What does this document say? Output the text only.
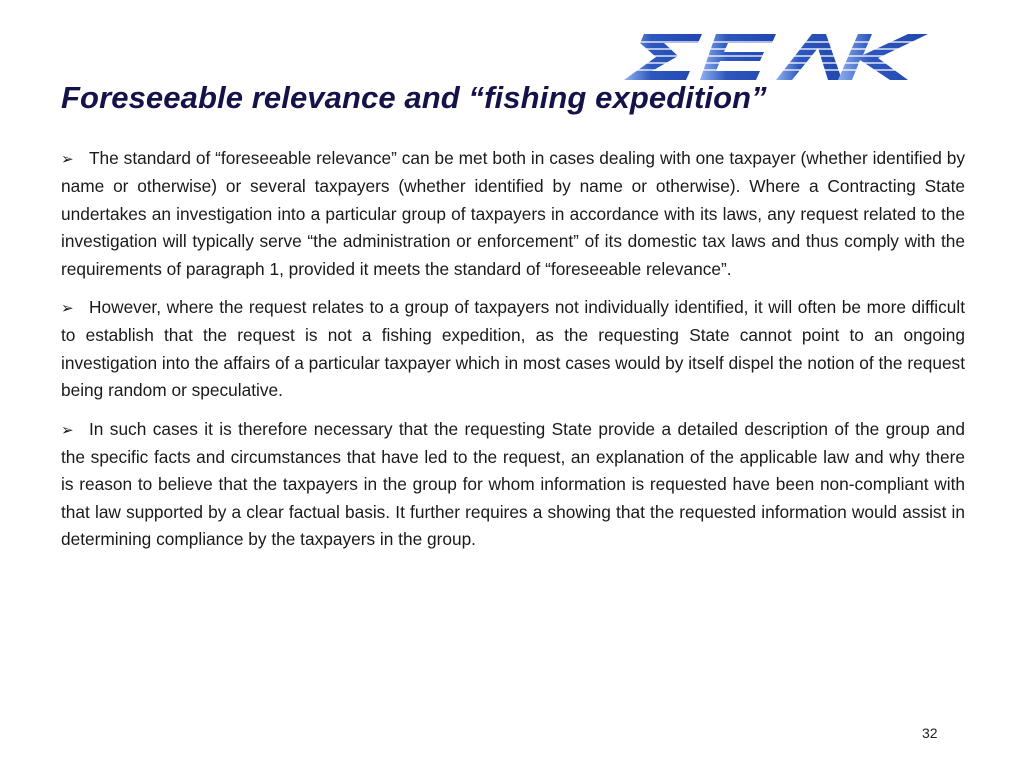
Foreseeable relevance and “fishing expedition”

➢ The standard of “foreseeable relevance” can be met both in cases dealing with one taxpayer (whether identified by name or otherwise) or several taxpayers (whether identified by name or otherwise). Where a Contracting State undertakes an investigation into a particular group of taxpayers in accordance with its laws, any request related to the investigation will typically serve “the administration or enforcement” of its domestic tax laws and thus comply with the requirements of paragraph 1, provided it meets the standard of “foreseeable relevance”.

➢ However, where the request relates to a group of taxpayers not individually identified, it will often be more difficult to establish that the request is not a fishing expedition, as the requesting State cannot point to an ongoing investigation into the affairs of a particular taxpayer which in most cases would by itself dispel the notion of the request being random or speculative.

➢ In such cases it is therefore necessary that the requesting State provide a detailed description of the group and the specific facts and circumstances that have led to the request, an explanation of the applicable law and why there is reason to believe that the taxpayers in the group for whom information is requested have been non-compliant with that law supported by a clear factual basis. It further requires a showing that the requested information would assist in determining compliance by the taxpayers in the group.

32
